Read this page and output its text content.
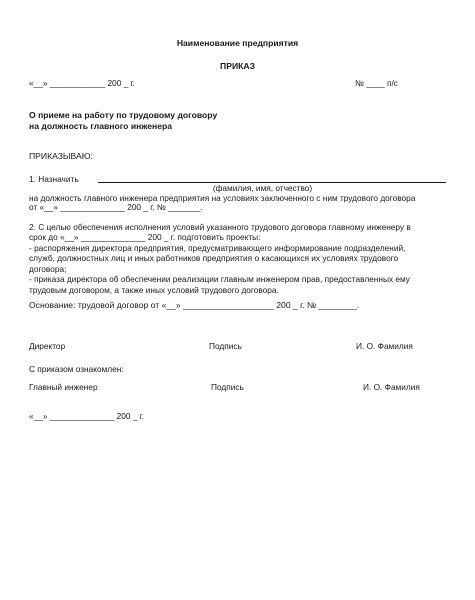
Наименование предприятия
ПРИКАЗ
«__» ____________ 200 _ г.	№ ____ п/с
О приеме на работу по трудовому договору
на должность главного инженера
ПРИКАЗЫВАЮ:
1. Назначить
(фамилия, имя, отчество)
на должность главного инженера предприятия на условиях заключенного с ним трудового договора
от «__» ______________ 200 _ г. № _______.
2. С целью обеспечения исполнения условий указанного трудового договора главному инженеру в
срок до «__» ______________ 200 _ г. подготовить проекты:
- распоряжения директора предприятия, предусматривающего информирование подразделений,
служб, должностных лиц и иных работников предприятия о касающихся их условиях трудового
договора;
- приказа директора об обеспечении реализации главным инженером прав, предоставленных ему
трудовым договором, а также иных условий трудового договора.
Основание: трудовой договор от «__» ___________________ 200 _ г. № ________.
Директор	Подпись	И. О. Фамилия
С приказом ознакомлен:
Главный инженер	Подпись	И. О. Фамилия
«__» ______________ 200 _ г.
